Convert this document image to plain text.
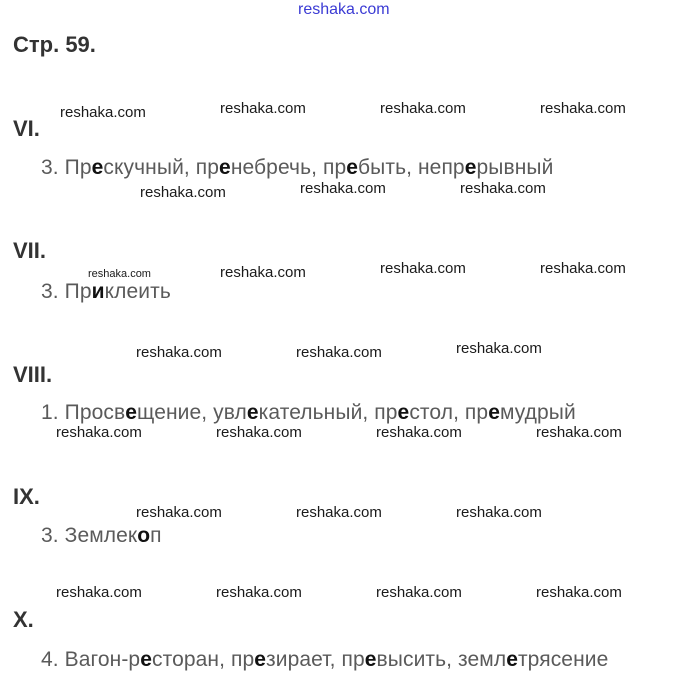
reshaka.com
Стр. 59.
VI.
3. Прескучный, пренебречь, пребыть, непрерывный
VII.
3. Приклеить
VIII.
1. Просвещение, увлекательный, престол, премудрый
IX.
3. Землекоп
X.
4. Вагон-ресторан, презирает, превысить, землетрясение
reshaka.com	reshaka.com	reshaka.com	reshaka.com
reshaka.com	reshaka.com	reshaka.com
reshaka.com	reshaka.com	reshaka.com	reshaka.com
reshaka.com	reshaka.com	reshaka.com
reshaka.com	reshaka.com	reshaka.com	reshaka.com
reshaka.com	reshaka.com	reshaka.com
reshaka.com	reshaka.com	reshaka.com	reshaka.com
